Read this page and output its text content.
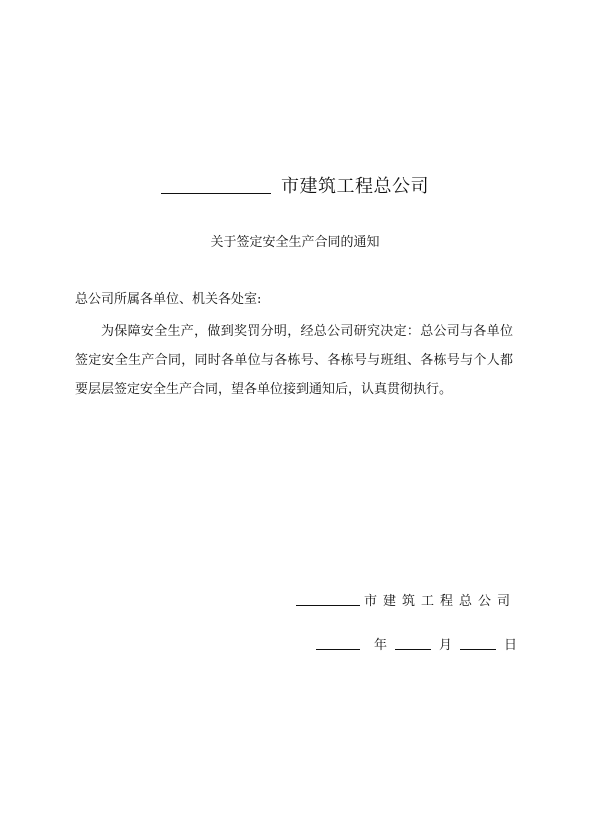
市建筑工程总公司
关于签定安全生产合同的通知
总公司所属各单位、机关各处室:
为保障安全生产，做到奖罚分明，经总公司研究决定：总公司与各单位签定安全生产合同，同时各单位与各栋号、各栋号与班组、各栋号与个人都要层层签定安全生产合同，望各单位接到通知后，认真贯彻执行。
市建筑工程总公司
年	月	日
